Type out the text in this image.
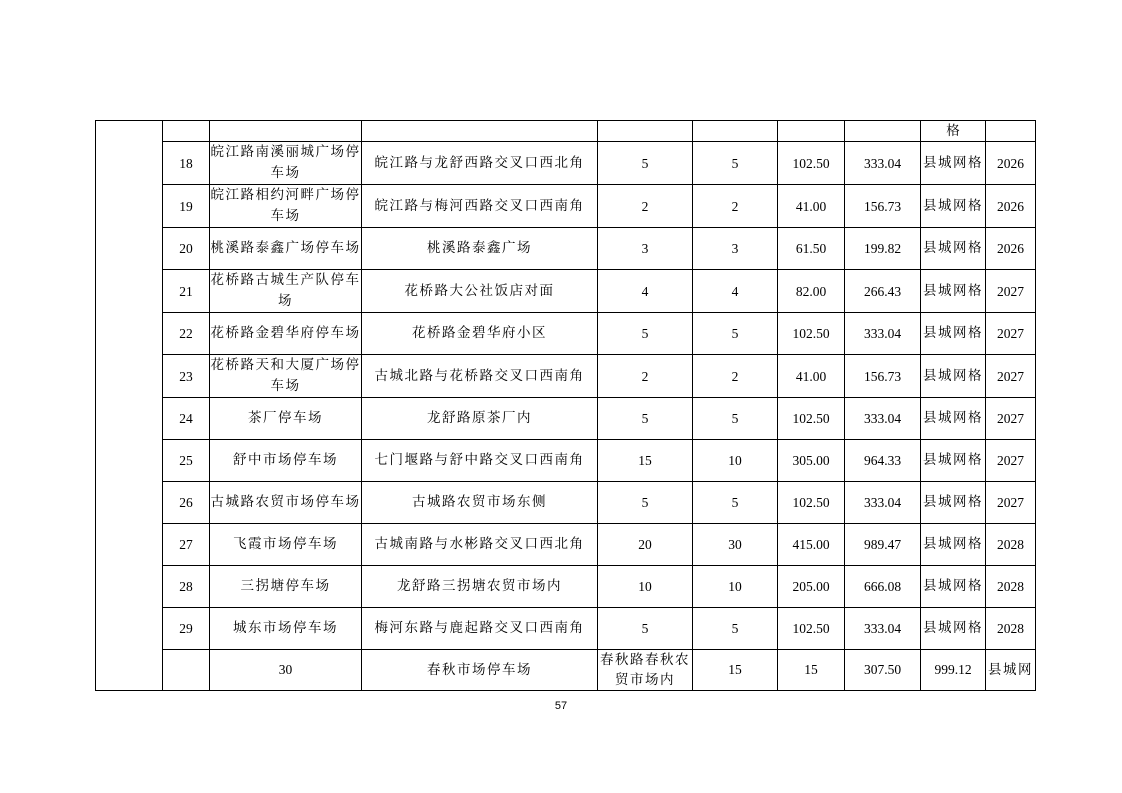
								格		
	18	皖江路南溪丽城广场停车场	皖江路与龙舒西路交叉口西北角	5	5	102.50	333.04	县城网格	2026	
	19	皖江路相约河畔广场停车场	皖江路与梅河西路交叉口西南角	2	2	41.00	156.73	县城网格	2026	
	20	桃溪路泰鑫广场停车场	桃溪路泰鑫广场	3	3	61.50	199.82	县城网格	2026	
	21	花桥路古城生产队停车场	花桥路大公社饭店对面	4	4	82.00	266.43	县城网格	2027	
	22	花桥路金碧华府停车场	花桥路金碧华府小区	5	5	102.50	333.04	县城网格	2027	
	23	花桥路天和大厦广场停车场	古城北路与花桥路交叉口西南角	2	2	41.00	156.73	县城网格	2027	
	24	茶厂停车场	龙舒路原茶厂内	5	5	102.50	333.04	县城网格	2027	
	25	舒中市场停车场	七门堰路与舒中路交叉口西南角	15	10	305.00	964.33	县城网格	2027	
	26	古城路农贸市场停车场	古城路农贸市场东侧	5	5	102.50	333.04	县城网格	2027	
	27	飞霞市场停车场	古城南路与水彬路交叉口西北角	20	30	415.00	989.47	县城网格	2028	
	28	三拐塘停车场	龙舒路三拐塘农贸市场内	10	10	205.00	666.08	县城网格	2028	
	29	城东市场停车场	梅河东路与鹿起路交叉口西南角	5	5	102.50	333.04	县城网格	2028	
		30	春秋市场停车场	春秋路春秋农贸市场内	15	15	307.50	999.12	县城网	
57
